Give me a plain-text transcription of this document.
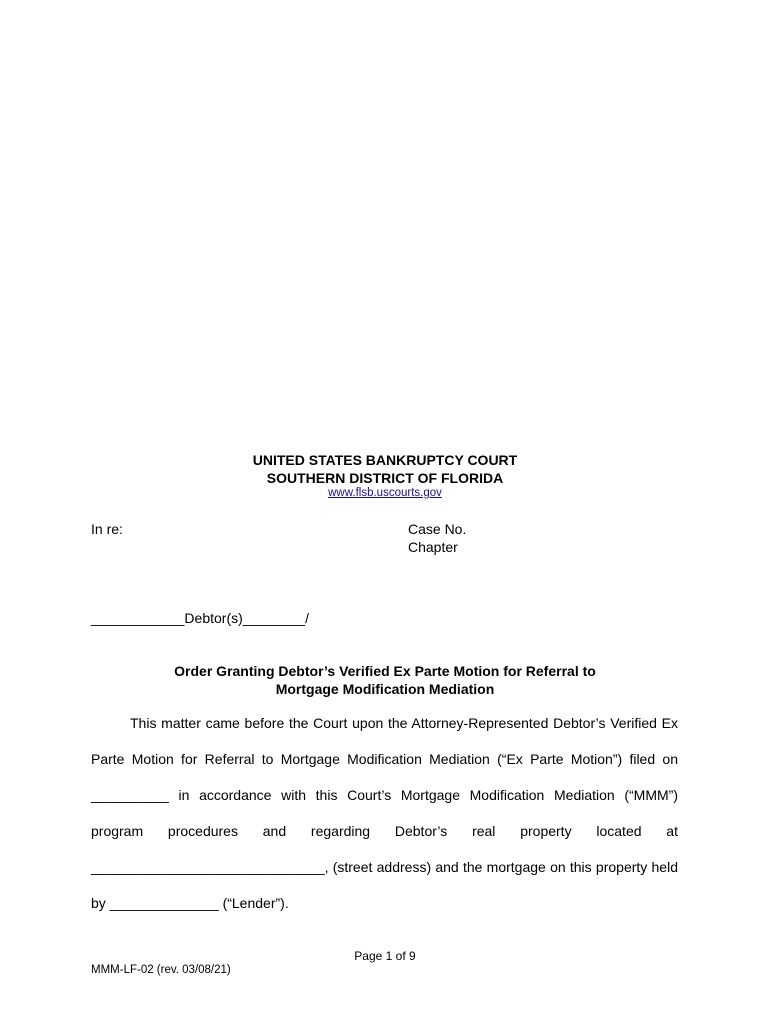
UNITED STATES BANKRUPTCY COURT
SOUTHERN DISTRICT OF FLORIDA
www.flsb.uscourts.gov
In re:	Case No.
Chapter
____________Debtor(s)________/
Order Granting Debtor’s Verified Ex Parte Motion for Referral to
Mortgage Modification Mediation

This matter came before the Court upon the Attorney-Represented Debtor’s Verified Ex Parte Motion for Referral to Mortgage Modification Mediation (“Ex Parte Motion”) filed on __________ in accordance with this Court’s Mortgage Modification Mediation (“MMM”) program procedures and regarding Debtor’s real property located at ______________________________, (street address) and the mortgage on this property held by ______________ (“Lender”).

Page 1 of 9
MMM-LF-02 (rev. 03/08/21)
